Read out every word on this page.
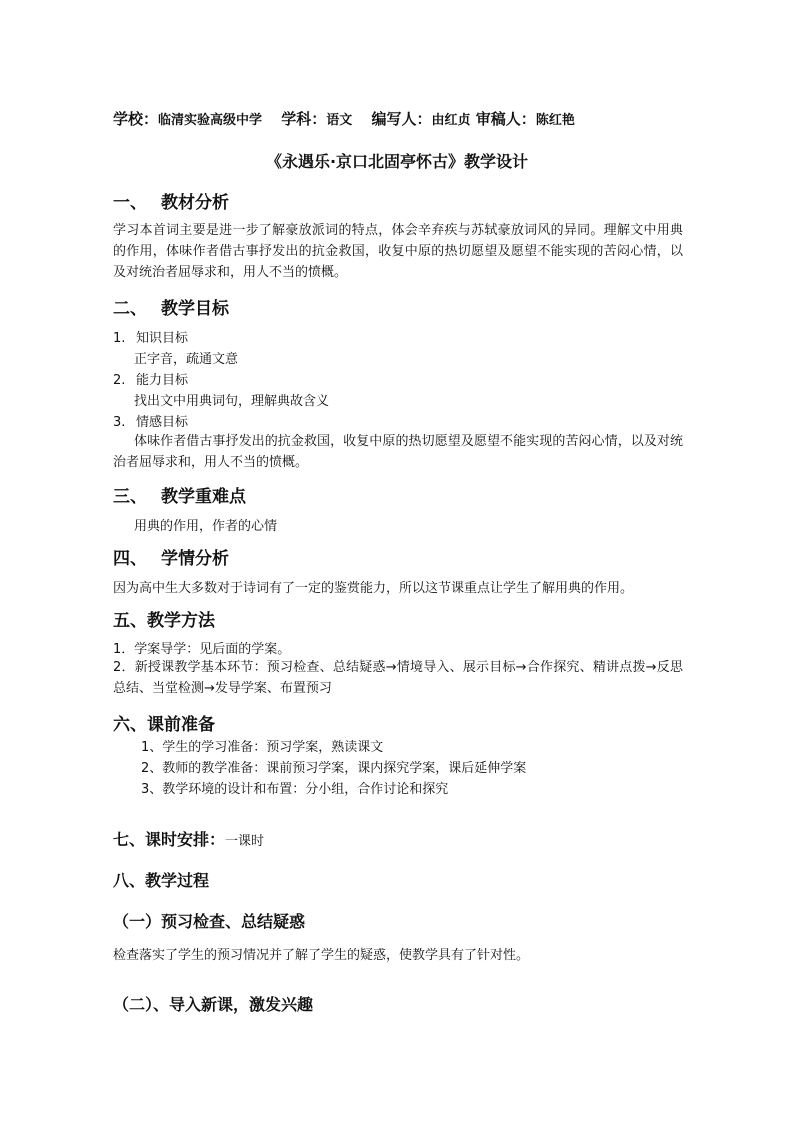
学校：临清实验高级中学 学科：语文 编写人：由红贞 审稿人：陈红艳
《永遇乐·京口北固亭怀古》教学设计
一、 教材分析
学习本首词主要是进一步了解豪放派词的特点，体会辛弃疾与苏轼豪放词风的异同。理解文中用典的作用，体味作者借古事抒发出的抗金救国，收复中原的热切愿望及愿望不能实现的苦闷心情，以及对统治者屈辱求和，用人不当的愤概。
二、 教学目标
1. 知识目标
正字音，疏通文意
2. 能力目标
找出文中用典词句，理解典故含义
3. 情感目标
体味作者借古事抒发出的抗金救国，收复中原的热切愿望及愿望不能实现的苦闷心情，以及对统治者屈辱求和，用人不当的愤概。
三、 教学重难点
用典的作用，作者的心情
四、 学情分析
因为高中生大多数对于诗词有了一定的鉴赏能力，所以这节课重点让学生了解用典的作用。
五、教学方法
1．学案导学：见后面的学案。
2．新授课教学基本环节：预习检查、总结疑惑→情境导入、展示目标→合作探究、精讲点拨→反思总结、当堂检测→发导学案、布置预习
六、课前准备
1、学生的学习准备：预习学案，熟读课文
2、教师的教学准备：课前预习学案，课内探究学案，课后延伸学案
3、教学环境的设计和布置：分小组，合作讨论和探究
七、课时安排：一课时
八、教学过程
（一）预习检查、总结疑惑
检查落实了学生的预习情况并了解了学生的疑惑，使教学具有了针对性。
（二）、导入新课，激发兴趣
